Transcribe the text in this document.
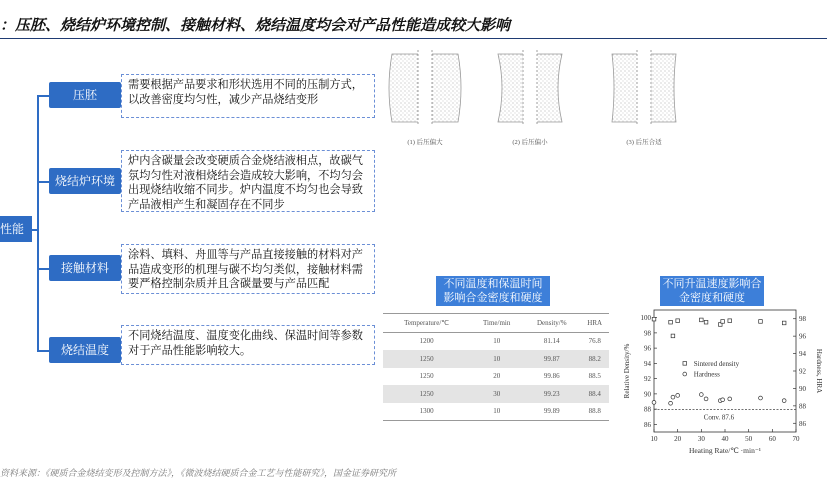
：压胚、烧结炉环境控制、接触材料、烧结温度均会对产品性能造成较大影响
性能
压胚
需要根据产品要求和形状选用不同的压制方式，以改善密度均匀性，减少产品烧结变形
烧结炉环境
炉内含碳量会改变硬质合金烧结液相点，故碳气氛均匀性对液相烧结会造成较大影响，不均匀会出现烧结收缩不同步。炉内温度不均匀也会导致产品液相产生和凝固存在不同步
接触材料
涂料、填料、舟皿等与产品直接接触的材料对产品造成变形的机理与碳不均匀类似，接触材料需要严格控制杂质并且含碳量要与产品匹配
烧结温度
不同烧结温度、温度变化曲线、保温时间等参数对于产品性能影响较大。
(1) 后压偏大	(2) 后压偏小	(3) 后压合适
不同温度和保温时间
影响合金密度和硬度
Temperature/℃	Time/min	Density/%	HRA
1200	10	81.14	76.8
1250	10	99.87	88.2
1250	20	99.86	88.5
1250	30	99.23	88.4
1300	10	99.89	88.8
不同升温速度影响合
金密度和硬度
10 20 30 40 50 60 70
86
88
90
92
94
96
98
100
86
88
90
92
94
96
98
Heating Rate/℃ ·min⁻¹
Relative Density/%	Hardness, HRA
Conv. 87.6
Sintered density
Hardness
资料来源：《硬质合金烧结变形及控制方法》，《微波烧结硬质合金工艺与性能研究》，国金证券研究所
